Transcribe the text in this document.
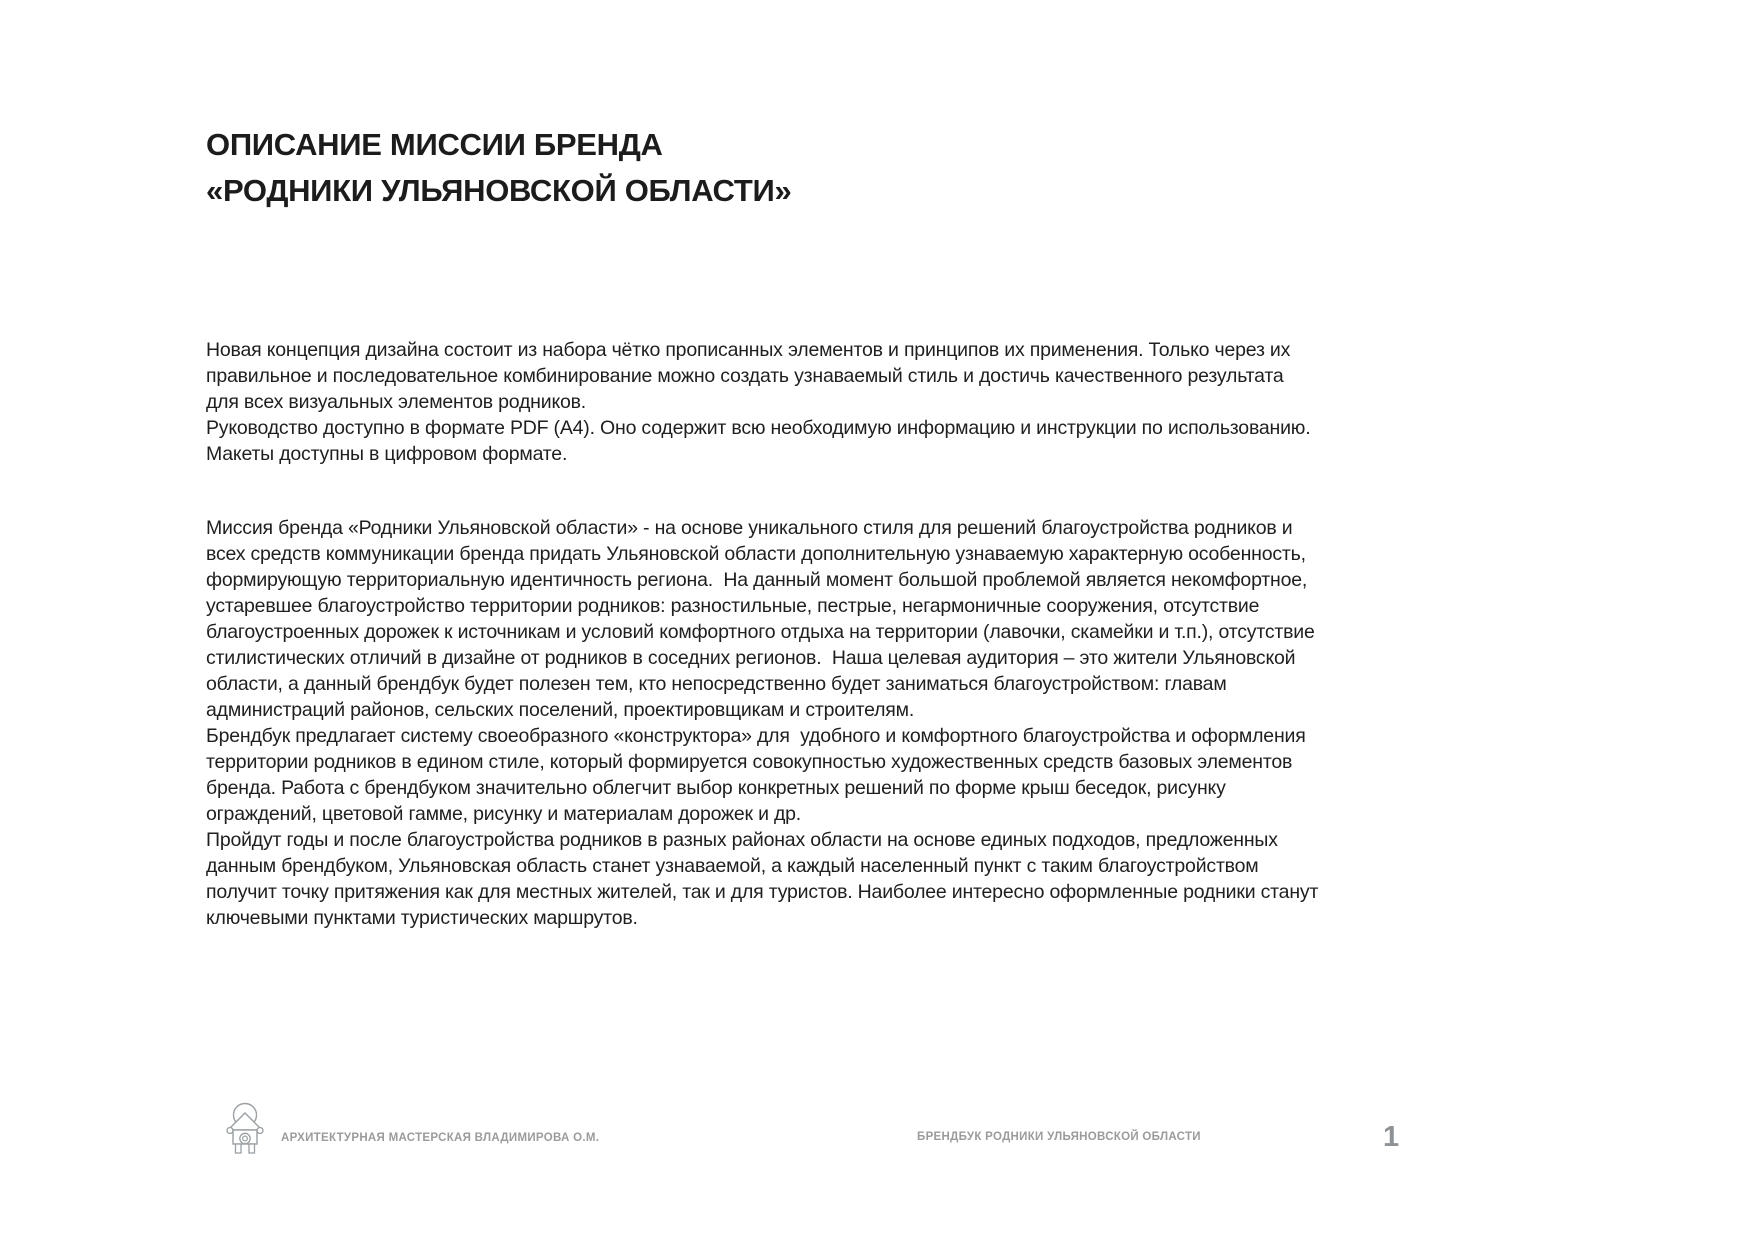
ОПИСАНИЕ МИССИИ БРЕНДА
«РОДНИКИ УЛЬЯНОВСКОЙ ОБЛАСТИ»
Новая концепция дизайна состоит из набора чётко прописанных элементов и принципов их применения. Только через их
правильное и последовательное комбинирование можно создать узнаваемый стиль и достичь качественного результата
для всех визуальных элементов родников.
Руководство доступно в формате PDF (А4). Оно содержит всю необходимую информацию и инструкции по использованию.
Макеты доступны в цифровом формате.
Миссия бренда «Родники Ульяновской области» - на основе уникального стиля для решений благоустройства родников и
всех средств коммуникации бренда придать Ульяновской области дополнительную узнаваемую характерную особенность,
формирующую территориальную идентичность региона.  На данный момент большой проблемой является некомфортное,
устаревшее благоустройство территории родников: разностильные, пестрые, негармоничные сооружения, отсутствие
благоустроенных дорожек к источникам и условий комфортного отдыха на территории (лавочки, скамейки и т.п.), отсутствие
стилистических отличий в дизайне от родников в соседних регионов.  Наша целевая аудитория – это жители Ульяновской
области, а данный брендбук будет полезен тем, кто непосредственно будет заниматься благоустройством: главам
администраций районов, сельских поселений, проектировщикам и строителям.
Брендбук предлагает систему своеобразного «конструктора» для  удобного и комфортного благоустройства и оформления
территории родников в едином стиле, который формируется совокупностью художественных средств базовых элементов
бренда. Работа с брендбуком значительно облегчит выбор конкретных решений по форме крыш беседок, рисунку
ограждений, цветовой гамме, рисунку и материалам дорожек и др.
Пройдут годы и после благоустройства родников в разных районах области на основе единых подходов, предложенных
данным брендбуком, Ульяновская область станет узнаваемой, а каждый населенный пункт с таким благоустройством
получит точку притяжения как для местных жителей, так и для туристов. Наиболее интересно оформленные родники станут
ключевыми пунктами туристических маршрутов.
АРХИТЕКТУРНАЯ МАСТЕРСКАЯ ВЛАДИМИРОВА О.М.	БРЕНДБУК РОДНИКИ УЛЬЯНОВСКОЙ ОБЛАСТИ	1
